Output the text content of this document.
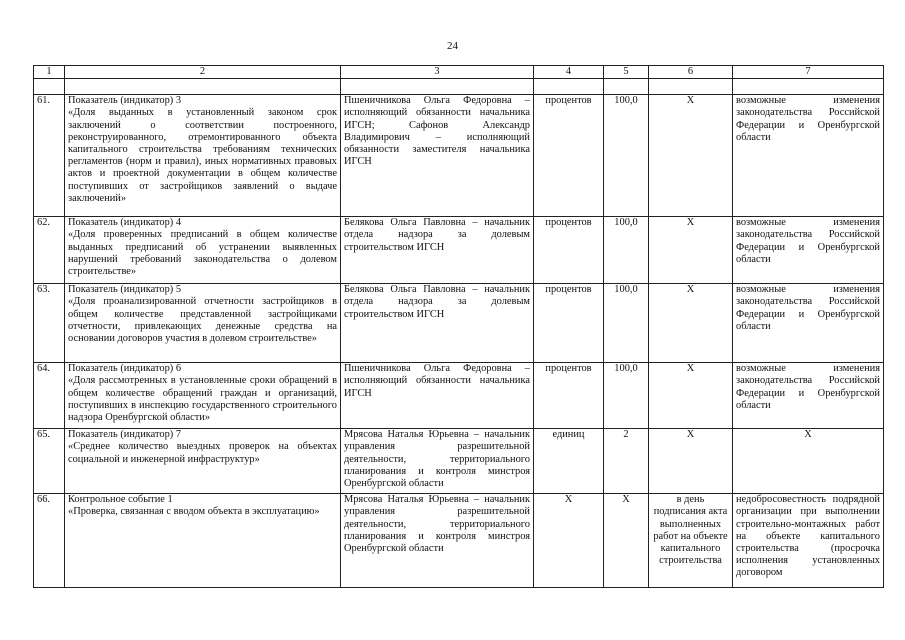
24
1	2	3	4	5	6	7

61.	Показатель (индикатор) 3
«Доля выданных в установленный законом срок заключений о соответствии построенного, реконструированного, отремонтированного объекта капитального строительства требованиям технических регламентов (норм и правил), иных нормативных правовых актов и проектной документации в общем количестве поступивших от застройщиков заявлений о выдаче заключений»	Пшеничникова Ольга Федоровна – исполняющий обязанности начальника ИГСН; Сафонов Александр Владимирович – исполняющий обязанности заместителя начальника ИГСН	процентов	100,0	Х	возможные изменения законодательства Российской Федерации и Оренбургской области
62.	Показатель (индикатор) 4
«Доля проверенных предписаний в общем количестве выданных предписаний об устранении выявленных нарушений требований законодательства о долевом строительстве»	Белякова Ольга Павловна – начальник отдела надзора за долевым строительством ИГСН	процентов	100,0	Х	возможные изменения законодательства Российской Федерации и Оренбургской области
63.	Показатель (индикатор) 5
«Доля проанализированной отчетности застройщиков в общем количестве представленной застройщиками отчетности, привлекающих денежные средства на основании договоров участия в долевом строительстве»	Белякова Ольга Павловна – начальник отдела надзора за долевым строительством ИГСН	процентов	100,0	Х	возможные изменения законодательства Российской Федерации и Оренбургской области
64.	Показатель (индикатор) 6
«Доля рассмотренных в установленные сроки обращений в общем количестве обращений граждан и организаций, поступивших в инспекцию государственного строительного надзора Оренбургской области»	Пшеничникова Ольга Федоровна – исполняющий обязанности начальника ИГСН	процентов	100,0	Х	возможные изменения законодательства Российской Федерации и Оренбургской области
65.	Показатель (индикатор) 7
«Среднее количество выездных проверок на объектах социальной и инженерной инфраструктур»	Мрясова Наталья Юрьевна – начальник управления разрешительной деятельности, территориального планирования и контроля минстроя Оренбургской области	единиц	2	Х	Х
66.	Контрольное событие 1
«Проверка, связанная с вводом объекта в эксплуатацию»	Мрясова Наталья Юрьевна – начальник управления разрешительной деятельности, территориального планирования и контроля минстроя Оренбургской области	Х	Х	в день подписания акта выполненных работ на объекте капитального строительства	недобросовестность подрядной организации при выполнении строительно-монтажных работ на объекте капитального строительства (просрочка исполнения установленных договором
